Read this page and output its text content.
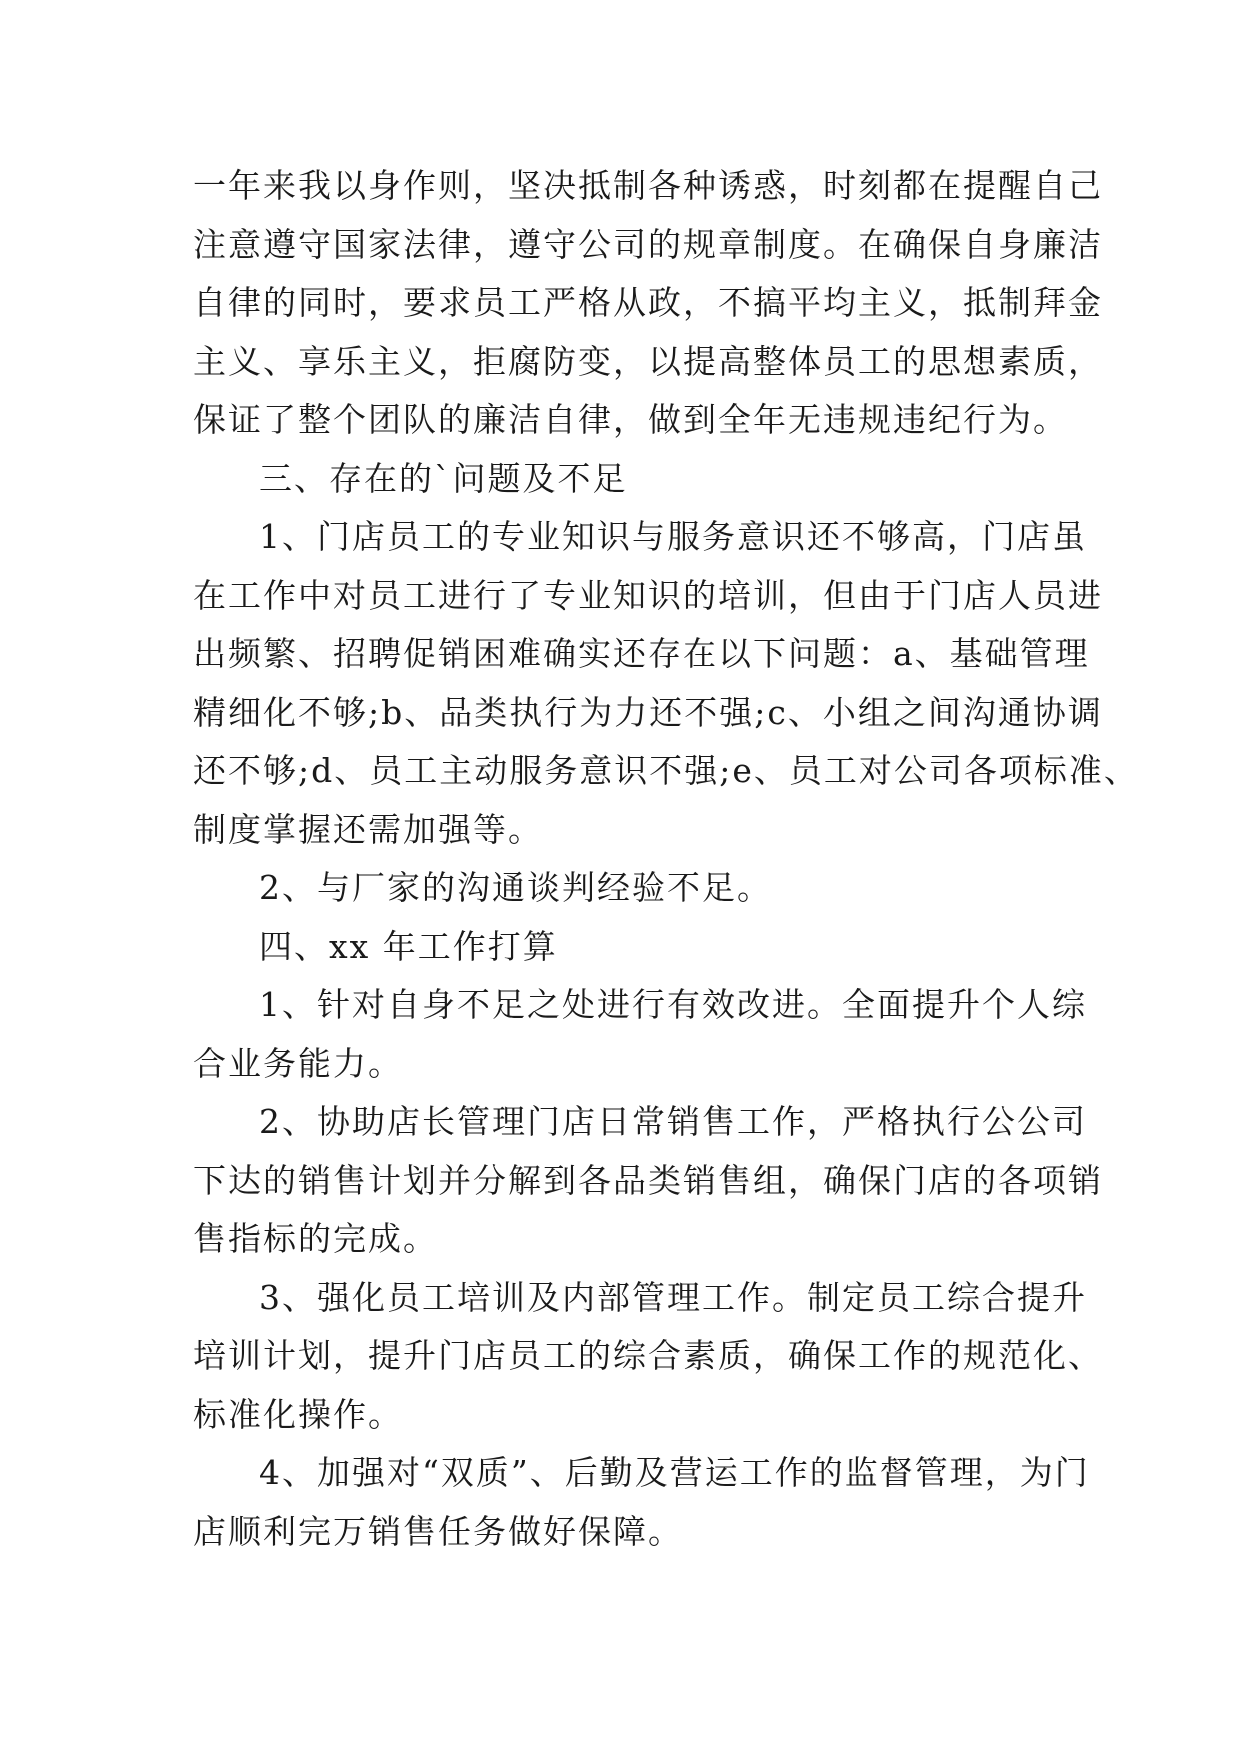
一年来我以身作则，坚决抵制各种诱惑，时刻都在提醒自己
注意遵守国家法律，遵守公司的规章制度。在确保自身廉洁
自律的同时，要求员工严格从政，不搞平均主义，抵制拜金
主义、享乐主义，拒腐防变，以提高整体员工的思想素质，
保证了整个团队的廉洁自律，做到全年无违规违纪行为。

三、存在的`问题及不足

1、门店员工的专业知识与服务意识还不够高，门店虽
在工作中对员工进行了专业知识的培训，但由于门店人员进
出频繁、招聘促销困难确实还存在以下问题：a、基础管理
精细化不够;b、品类执行为力还不强;c、小组之间沟通协调
还不够;d、员工主动服务意识不强;e、员工对公司各项标准、
制度掌握还需加强等。

2、与厂家的沟通谈判经验不足。

四、xx 年工作打算

1、针对自身不足之处进行有效改进。全面提升个人综
合业务能力。

2、协助店长管理门店日常销售工作，严格执行公公司
下达的销售计划并分解到各品类销售组，确保门店的各项销
售指标的完成。

3、强化员工培训及内部管理工作。制定员工综合提升
培训计划，提升门店员工的综合素质，确保工作的规范化、
标准化操作。

4、加强对“双质”、后勤及营运工作的监督管理，为门
店顺利完万销售任务做好保障。
